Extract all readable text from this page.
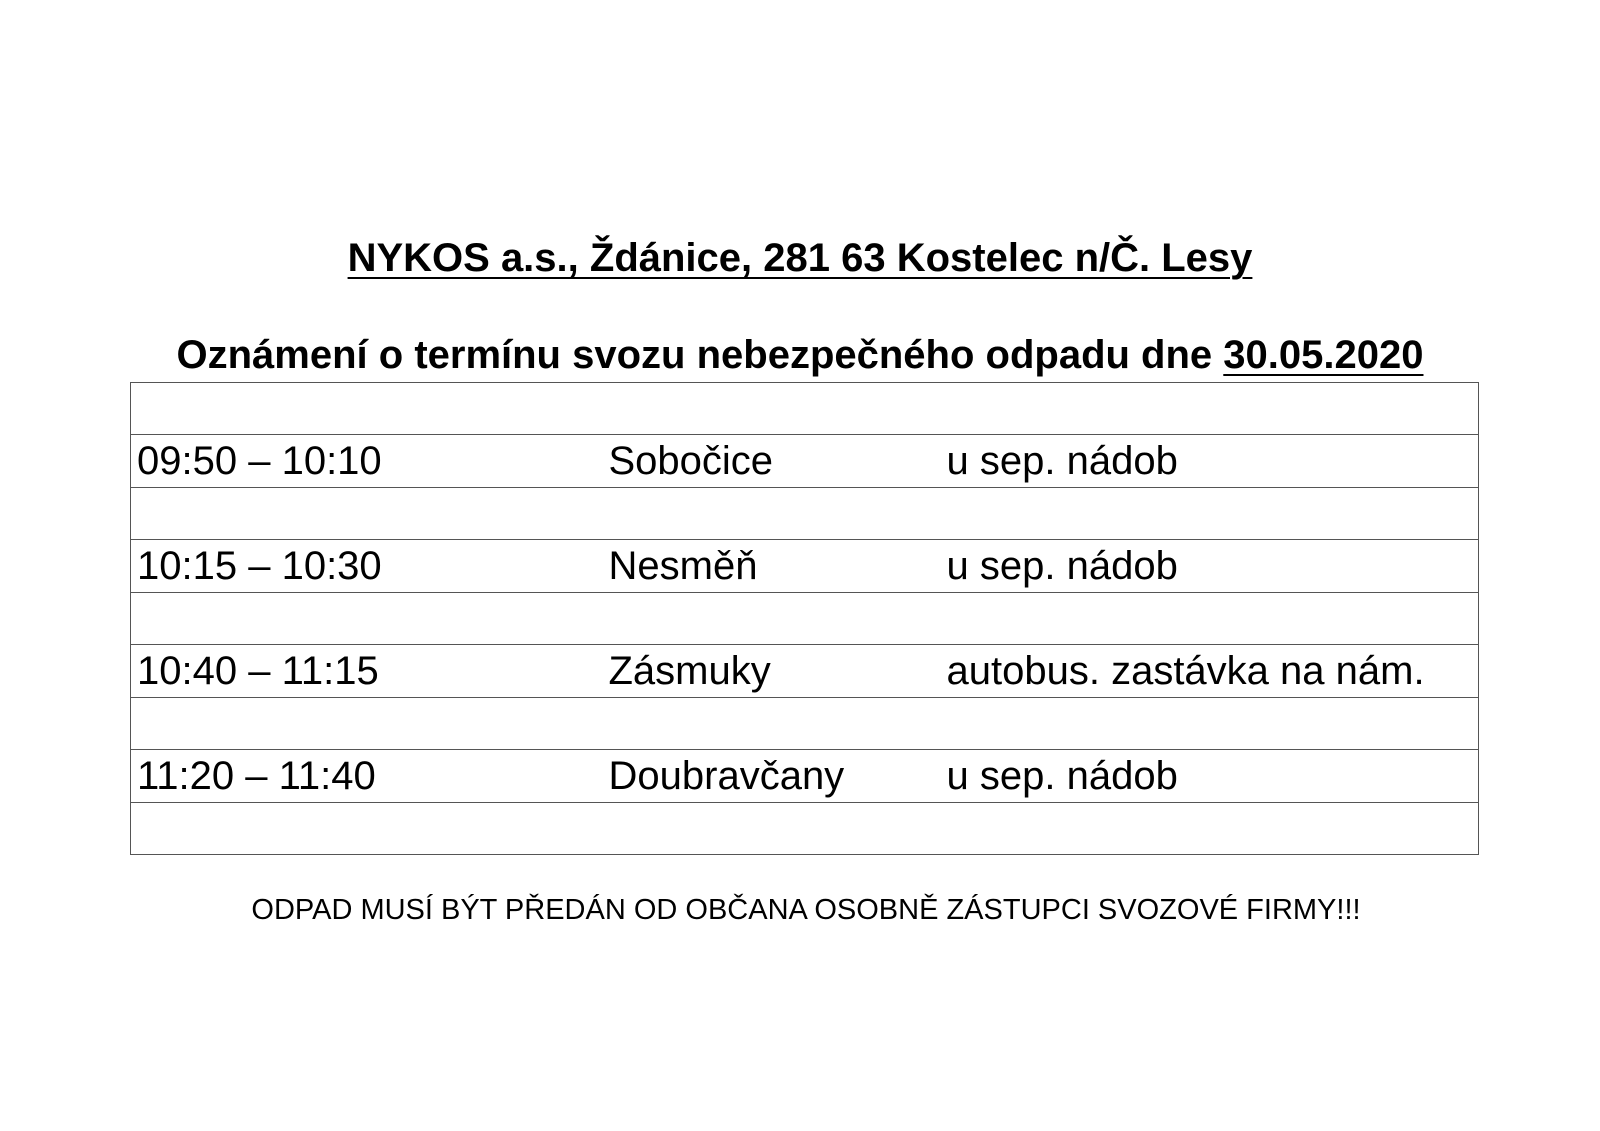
NYKOS a.s., Ždánice, 281 63 Kostelec n/Č. Lesy
Oznámení o termínu svozu nebezpečného odpadu dne 30.05.2020

09:50 – 10:10	Sobočice	u sep. nádob

10:15 – 10:30	Nesměň	u sep. nádob

10:40 – 11:15	Zásmuky	autobus. zastávka na nám.

11:20 – 11:40	Doubravčany	u sep. nádob

ODPAD MUSÍ BÝT PŘEDÁN OD OBČANA OSOBNĚ ZÁSTUPCI SVOZOVÉ FIRMY!!!
